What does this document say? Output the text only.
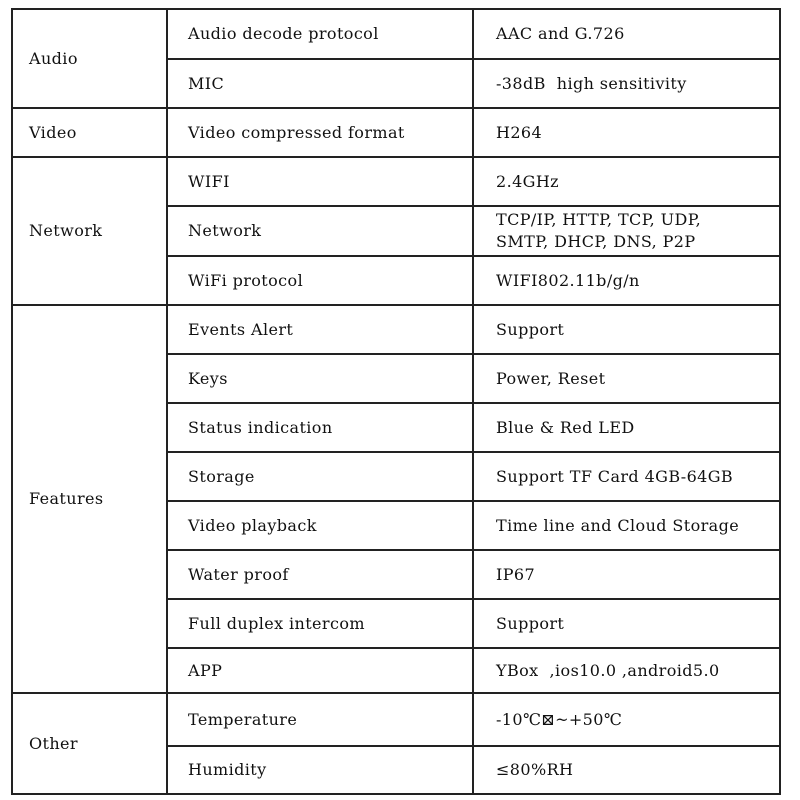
Audio	Audio decode protocol	AAC and G.726
	MIC	-38dB  high sensitivity
Video	Video compressed format	H264
Network	WIFI	2.4GHz
	Network	TCP/IP, HTTP, TCP, UDP,
SMTP, DHCP, DNS, P2P
	WiFi protocol	WIFI802.11b/g/n
Features	Events Alert	Support
	Keys	Power, Reset
	Status indication	Blue & Red LED
	Storage	Support TF Card 4GB-64GB
	Video playback	Time line and Cloud Storage
	Water proof	IP67
	Full duplex intercom	Support
	APP	YBox  ,ios10.0 ,android5.0
Other	Temperature	-10℃⊠~+50℃
	Humidity	≤80%RH
